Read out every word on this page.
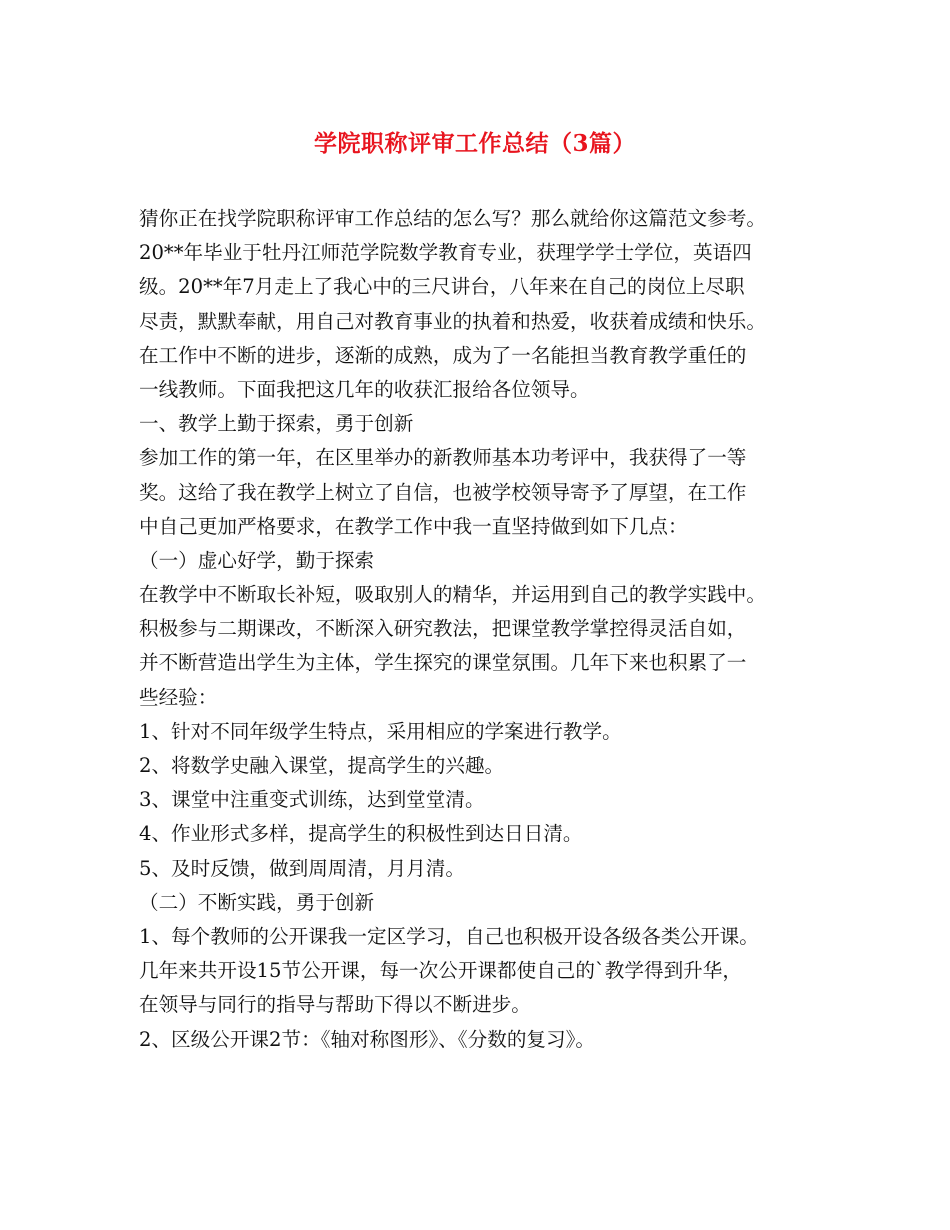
学院职称评审工作总结（3篇）
猜你正在找学院职称评审工作总结的怎么写？那么就给你这篇范文参考。
20**年毕业于牡丹江师范学院数学教育专业，获理学学士学位，英语四
级。20**年7月走上了我心中的三尺讲台，八年来在自己的岗位上尽职
尽责，默默奉献，用自己对教育事业的执着和热爱，收获着成绩和快乐。
在工作中不断的进步，逐渐的成熟，成为了一名能担当教育教学重任的
一线教师。下面我把这几年的收获汇报给各位领导。
一、教学上勤于探索，勇于创新
参加工作的第一年，在区里举办的新教师基本功考评中，我获得了一等
奖。这给了我在教学上树立了自信，也被学校领导寄予了厚望，在工作
中自己更加严格要求，在教学工作中我一直坚持做到如下几点：
（一）虚心好学，勤于探索
在教学中不断取长补短，吸取别人的精华，并运用到自己的教学实践中。
积极参与二期课改，不断深入研究教法，把课堂教学掌控得灵活自如，
并不断营造出学生为主体，学生探究的课堂氛围。几年下来也积累了一
些经验：
1、针对不同年级学生特点，采用相应的学案进行教学。
2、将数学史融入课堂，提高学生的兴趣。
3、课堂中注重变式训练，达到堂堂清。
4、作业形式多样，提高学生的积极性到达日日清。
5、及时反馈，做到周周清，月月清。
（二）不断实践，勇于创新
1、每个教师的公开课我一定区学习，自己也积极开设各级各类公开课。
几年来共开设15节公开课，每一次公开课都使自己的`教学得到升华，
在领导与同行的指导与帮助下得以不断进步。
2、区级公开课2节：《轴对称图形》、《分数的复习》。
